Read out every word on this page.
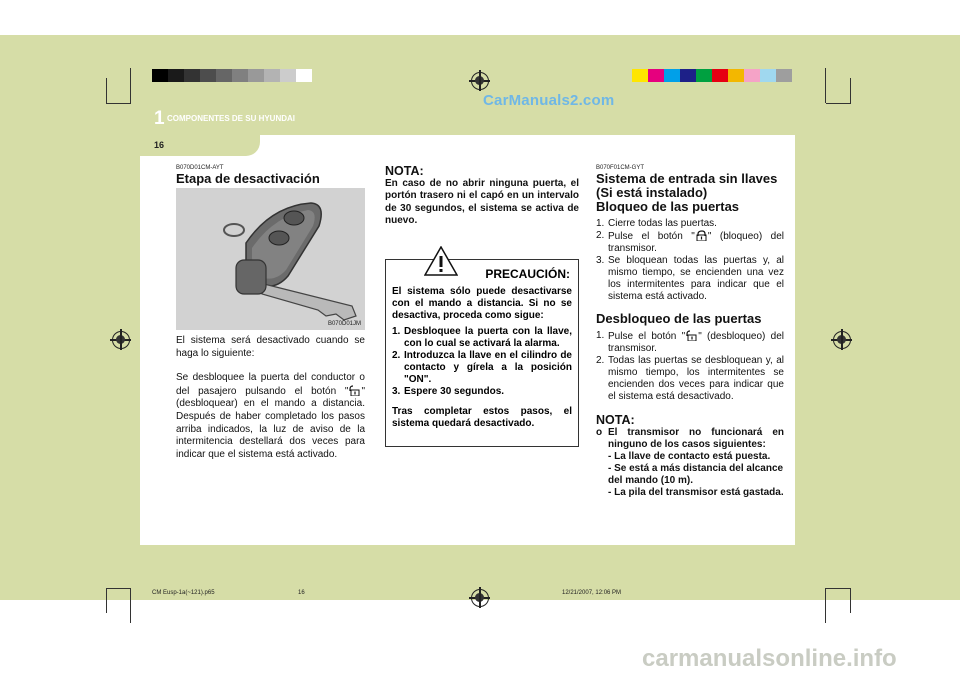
CarManuals2.com
1 COMPONENTES DE SU HYUNDAI
16
B070D01CM-AYT
Etapa de desactivación
B070D01JM

El sistema será desactivado cuando se haga lo siguiente:

Se desbloquee la puerta del conductor o del pasajero pulsando el botón " " (desbloquear) en el mando a distancia. Después de haber completado los pasos arriba indicados, la luz de aviso de la intermitencia destellará dos veces para indicar que el sistema está activado.

NOTA:

En caso de no abrir ninguna puerta, el portón trasero ni el capó en un intervalo de 30 segundos, el sistema se activa de nuevo.

PRECAUCIÓN:

El sistema sólo puede desactivarse con el mando a distancia. Si no se desactiva, proceda como sigue:

1. Desbloquee la puerta con la llave, con lo cual se activará la alarma.
2. Introduzca la llave en el cilindro de contacto y gírela a la posición "ON".
3. Espere 30 segundos.

Tras completar estos pasos, el sistema quedará desactivado.

B070F01CM-GYT
Sistema de entrada sin llaves
(Si está instalado)
Bloqueo de las puertas
1. Cierre todas las puertas.
2. Pulse el botón " " (bloqueo) del transmisor.
3. Se bloquean todas las puertas y, al mismo tiempo, se encienden una vez los intermitentes para indicar que el sistema está activado.
Desbloqueo de las puertas
1. Pulse el botón " " (desbloqueo) del transmisor.
2. Todas las puertas se desbloquean y, al mismo tiempo, los intermitentes se encienden dos veces para indicar que el sistema está desactivado.
NOTA:
o El transmisor no funcionará en ninguno de los casos siguientes:
- La llave de contacto está puesta.
- Se está a más distancia del alcance del mando (10 m).
- La pila del transmisor está gastada.
CM Eusp-1a(~121).p65	16	12/21/2007, 12:06 PM
carmanualsonline.info
